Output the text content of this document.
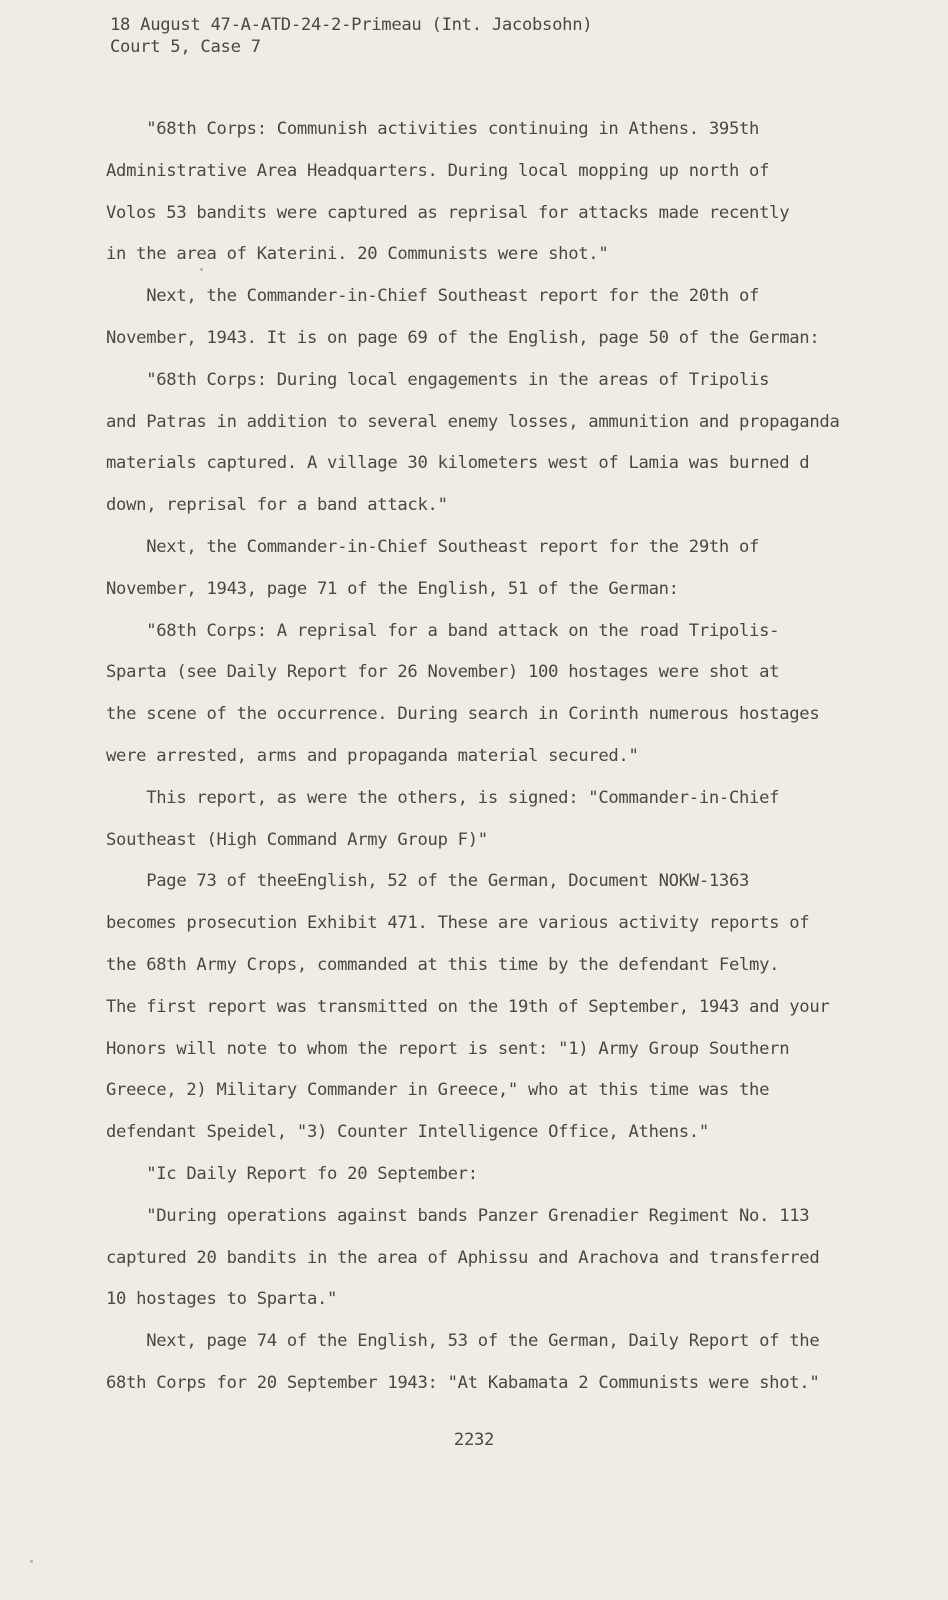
18 August 47-A-ATD-24-2-Primeau (Int. Jacobsohn)
Court 5, Case 7
"68th Corps: Communish activities continuing in Athens. 395th
Administrative Area Headquarters. During local mopping up north of
Volos 53 bandits were captured as reprisal for attacks made recently
in the area of Katerini. 20 Communists were shot."
Next, the Commander-in-Chief Southeast report for the 20th of
November, 1943. It is on page 69 of the English, page 50 of the German:
"68th Corps: During local engagements in the areas of Tripolis
and Patras in addition to several enemy losses, ammunition and propaganda
materials captured. A village 30 kilometers west of Lamia was burned d
down, reprisal for a band attack."
Next, the Commander-in-Chief Southeast report for the 29th of
November, 1943, page 71 of the English, 51 of the German:
"68th Corps: A reprisal for a band attack on the road Tripolis-
Sparta (see Daily Report for 26 November) 100 hostages were shot at
the scene of the occurrence. During search in Corinth numerous hostages
were arrested, arms and propaganda material secured."
This report, as were the others, is signed: "Commander-in-Chief
Southeast (High Command Army Group F)"
Page 73 of theeEnglish, 52 of the German, Document NOKW-1363
becomes prosecution Exhibit 471. These are various activity reports of
the 68th Army Crops, commanded at this time by the defendant Felmy.
The first report was transmitted on the 19th of September, 1943 and your
Honors will note to whom the report is sent: "1) Army Group Southern
Greece, 2) Military Commander in Greece," who at this time was the
defendant Speidel, "3) Counter Intelligence Office, Athens."
"Ic Daily Report fo 20 September:
"During operations against bands Panzer Grenadier Regiment No. 113
captured 20 bandits in the area of Aphissu and Arachova and transferred
10 hostages to Sparta."
Next, page 74 of the English, 53 of the German, Daily Report of the
68th Corps for 20 September 1943: "At Kabamata 2 Communists were shot."
2232
